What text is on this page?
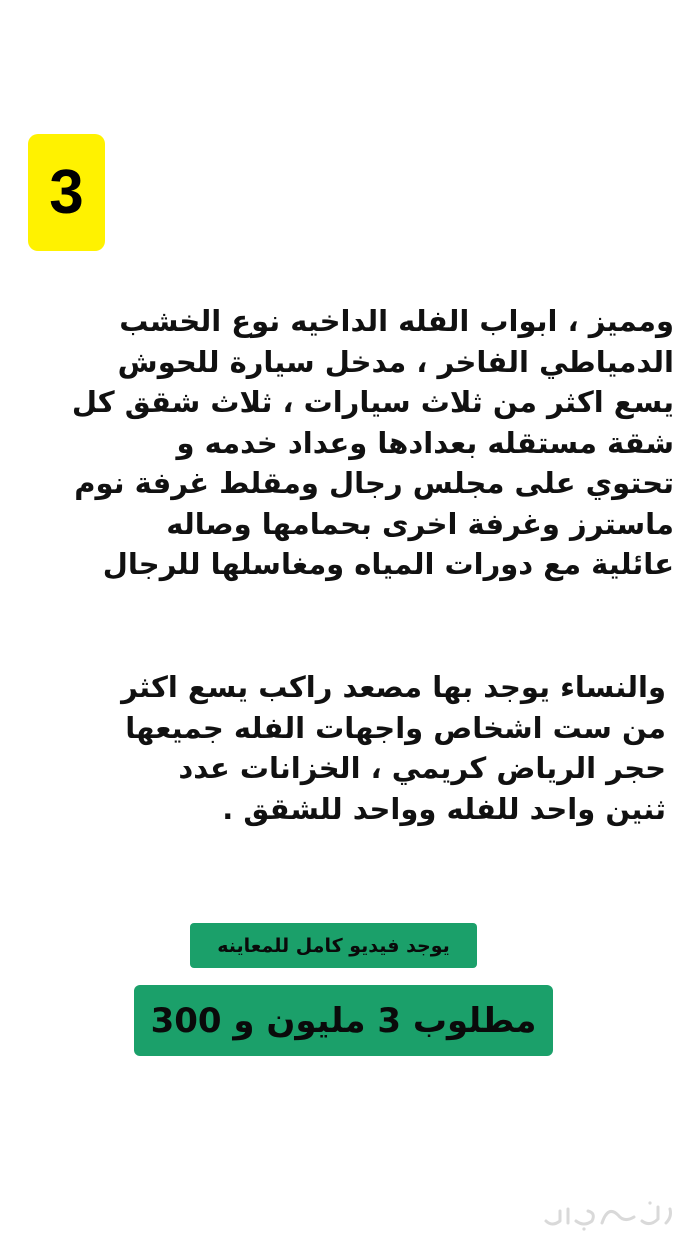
3
ومميز ، ابواب الفله الداخيه نوع الخشب
الدمياطي الفاخر ، مدخل سيارة للحوش
يسع اكثر من ثلاث سيارات ، ثلاث شقق كل
شقة مستقله بعدادها وعداد خدمه و
تحتوي على مجلس رجال ومقلط غرفة نوم
ماسترز وغرفة اخرى بحمامها وصاله
عائلية مع دورات المياه ومغاسلها للرجال
والنساء يوجد بها مصعد راكب يسع اكثر
من ست اشخاص واجهات الفله جميعها
حجر الرياض كريمي ، الخزانات عدد
ثنين واحد للفله وواحد للشقق .
يوجد فيديو كامل للمعاينه
مطلوب 3 مليون و 300
